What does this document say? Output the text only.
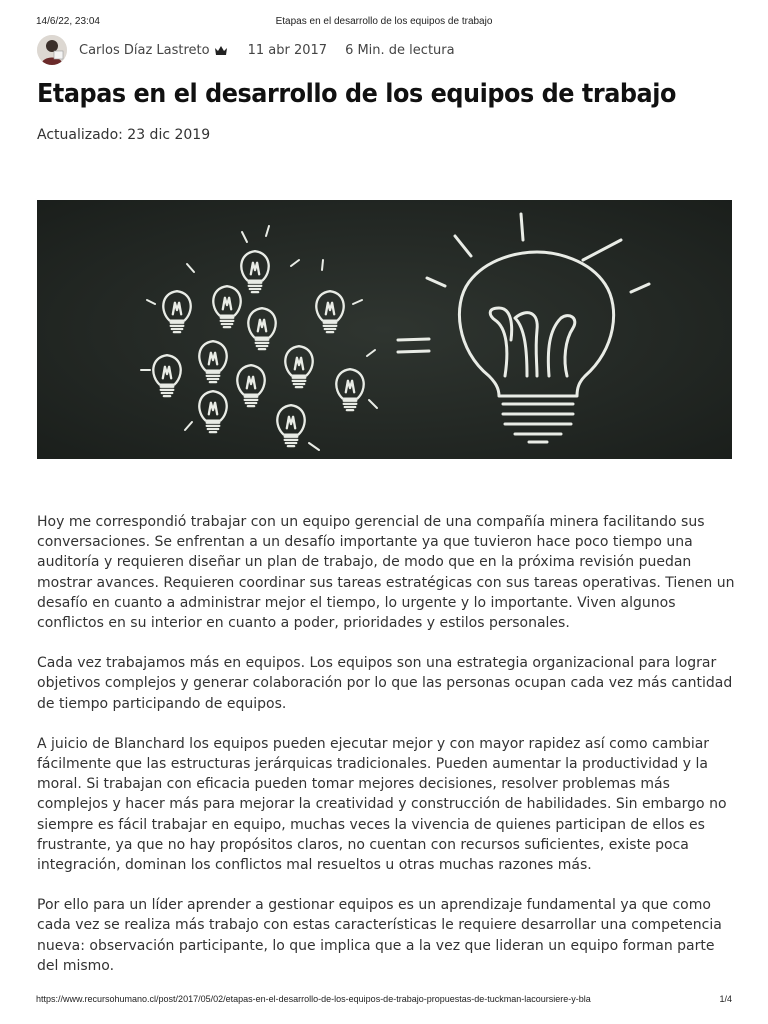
14/6/22, 23:04	Etapas en el desarrollo de los equipos de trabajo
Carlos Díaz Lastreto	11 abr 2017 6 Min. de lectura
Etapas en el desarrollo de los equipos de trabajo
Actualizado: 23 dic 2019

Hoy me correspondió trabajar con un equipo gerencial de una compañía minera facilitando sus conversaciones. Se enfrentan a un desafío importante ya que tuvieron hace poco tiempo una auditoría y requieren diseñar un plan de trabajo, de modo que en la próxima revisión puedan mostrar avances. Requieren coordinar sus tareas estratégicas con sus tareas operativas. Tienen un desafío en cuanto a administrar mejor el tiempo, lo urgente y lo importante. Viven algunos conflictos en su interior en cuanto a poder, prioridades y estilos personales.

Cada vez trabajamos más en equipos. Los equipos son una estrategia organizacional para lograr objetivos complejos y generar colaboración por lo que las personas ocupan cada vez más cantidad de tiempo participando de equipos.

A juicio de Blanchard los equipos pueden ejecutar mejor y con mayor rapidez así como cambiar fácilmente que las estructuras jerárquicas tradicionales. Pueden aumentar la productividad y la moral. Si trabajan con eficacia pueden tomar mejores decisiones, resolver problemas más complejos y hacer más para mejorar la creatividad y construcción de habilidades. Sin embargo no siempre es fácil trabajar en equipo, muchas veces la vivencia de quienes participan de ellos es frustrante, ya que no hay propósitos claros, no cuentan con recursos suficientes, existe poca integración, dominan los conflictos mal resueltos u otras muchas razones más.

Por ello para un líder aprender a gestionar equipos es un aprendizaje fundamental ya que como cada vez se realiza más trabajo con estas características le requiere desarrollar una competencia nueva: observación participante, lo que implica que a la vez que lideran un equipo forman parte del mismo.

https://www.recursohumano.cl/post/2017/05/02/etapas-en-el-desarrollo-de-los-equipos-de-trabajo-propuestas-de-tuckman-lacoursiere-y-bla	1/4
